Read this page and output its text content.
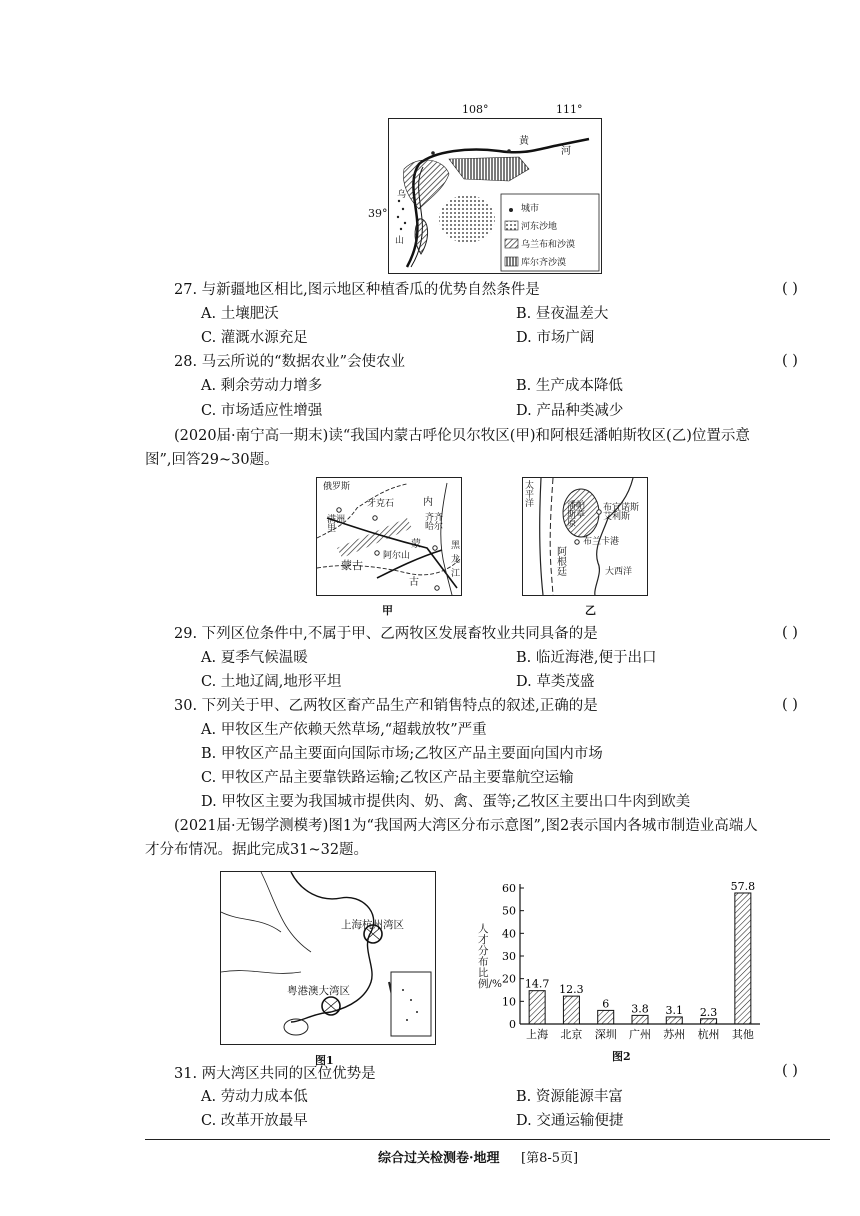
城市
河东沙地
乌兰布和沙漠
库尔齐沙漠
黄
河
乌
山
108°	111°
39°
27. 与新疆地区相比,图示地区种植香瓜的优势自然条件是	( )
A. 土壤肥沃	B. 昼夜温差大
C. 灌溉水源充足	D. 市场广阔
28. 马云所说的“数据农业”会使农业	( )
A. 剩余劳动力增多	B. 生产成本降低
C. 市场适应性增强	D. 产品种类减少
(2020届·南宁高一期末)读“我国内蒙古呼伦贝尔牧区(甲)和阿根廷潘帕斯牧区(乙)位置示意
图”,回答29~30题。
俄罗斯
牙克石	内
满洲里
齐齐哈尔
黑
龙
江
蒙
阿尔山
蒙古
古
甲
太平洋	潘帕斯草原
布宜诺斯艾利斯
布兰卡港
阿根廷	大西洋
乙
29. 下列区位条件中,不属于甲、乙两牧区发展畜牧业共同具备的是	( )
A. 夏季气候温暖	B. 临近海港,便于出口
C. 土地辽阔,地形平坦	D. 草类茂盛
30. 下列关于甲、乙两牧区畜产品生产和销售特点的叙述,正确的是	( )
A. 甲牧区生产依赖天然草场,“超载放牧”严重
B. 甲牧区产品主要面向国际市场;乙牧区产品主要面向国内市场
C. 甲牧区产品主要靠铁路运输;乙牧区产品主要靠航空运输
D. 甲牧区主要为我国城市提供肉、奶、禽、蛋等;乙牧区主要出口牛肉到欧美
(2021届·无锡学测模考)图1为“我国两大湾区分布示意图”,图2表示国内各城市制造业高端人
才分布情况。据此完成31~32题。
上海杭州湾区
粤港澳大湾区
图1
0
10
20
30
40
50
60
14.7
上海
12.3
北京
6
深圳
3.8
广州
3.1
苏州
2.3
杭州
57.8
其他
人才分布比例/%
图2
31. 两大湾区共同的区位优势是	( )
A. 劳动力成本低	B. 资源能源丰富
C. 改革开放最早	D. 交通运输便捷
综合过关检测卷·地理 [第8-5页]
